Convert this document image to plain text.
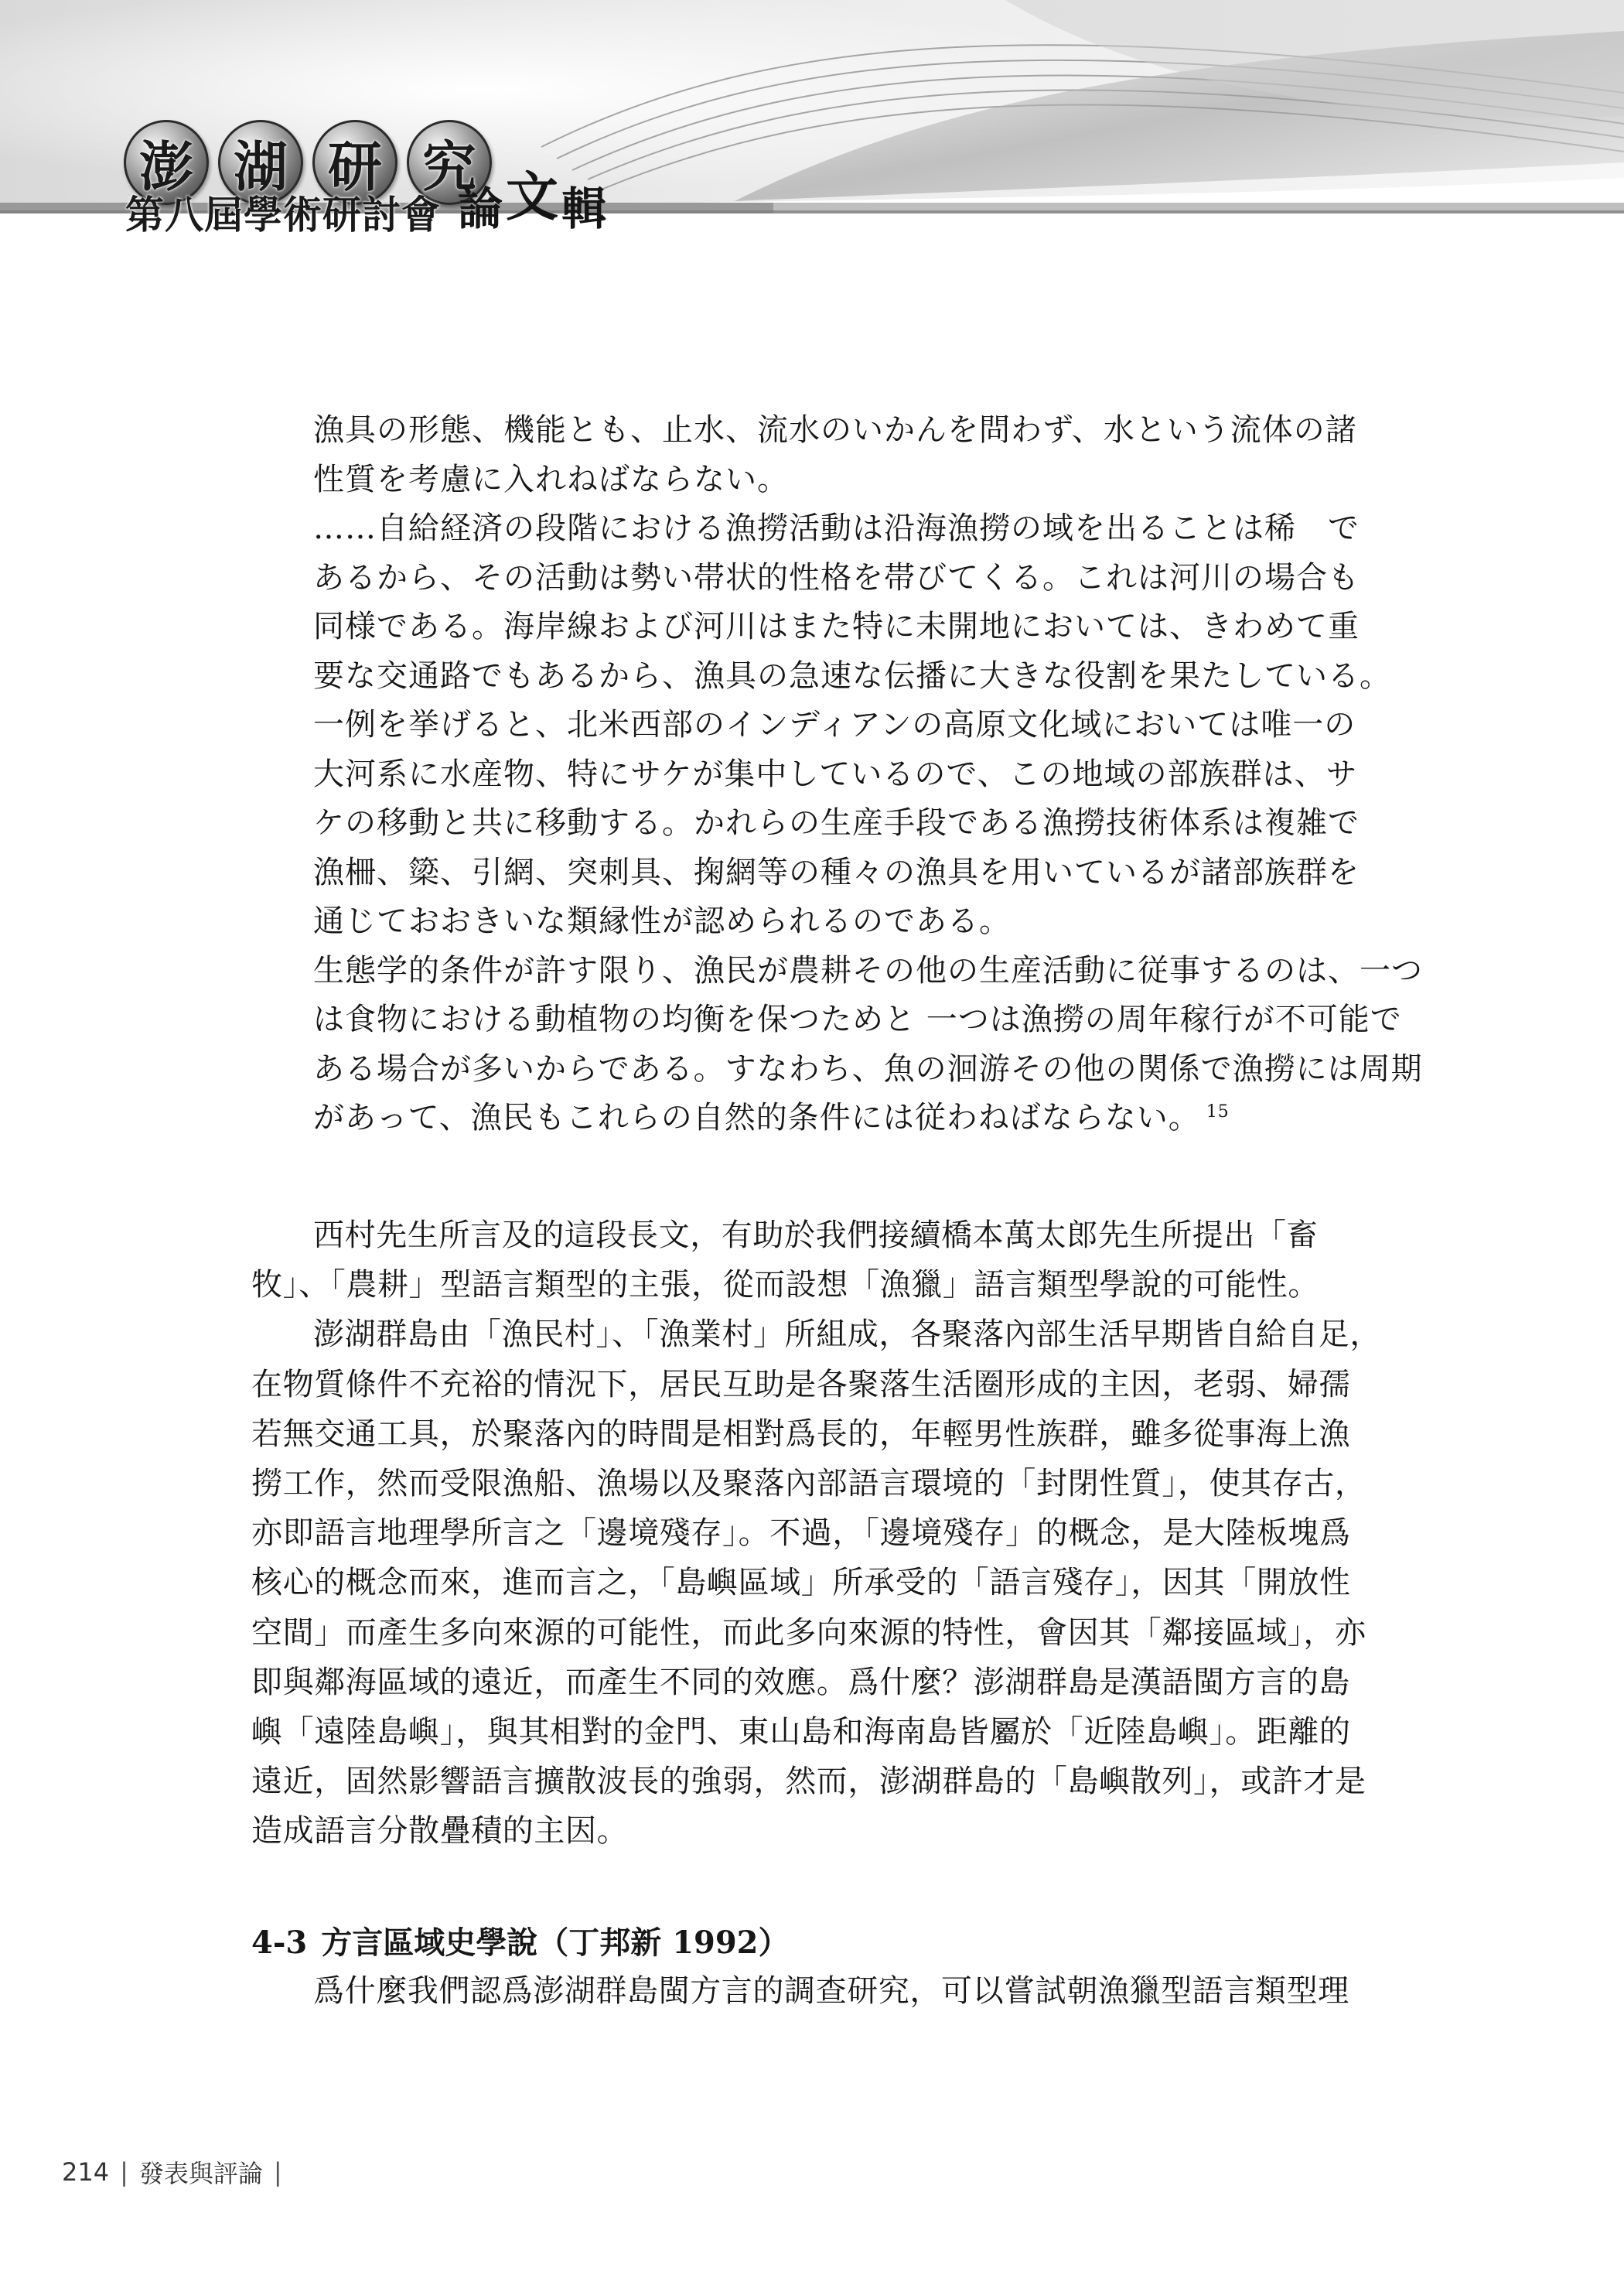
澎 湖 研 究
第八屆學術研討會 論文輯

漁具の形態、機能とも、止水、流水のいかんを問わず、水という流体の諸

性質を考慮に入れねばならない。

……自給経済の段階における漁撈活動は沿海漁撈の域を出ることは稀　で

あるから、その活動は勢い帯状的性格を帯びてくる。これは河川の場合も

同様である。海岸線および河川はまた特に未開地においては、きわめて重

要な交通路でもあるから、漁具の急速な伝播に大きな役割を果たしている。

一例を挙げると、北米西部のインディアンの高原文化域においては唯一の

大河系に水産物、特にサケが集中しているので、この地域の部族群は、サ

ケの移動と共に移動する。かれらの生産手段である漁撈技術体系は複雑で

漁柵、簗、引網、突刺具、掬網等の種々の漁具を用いているが諸部族群を

通じておおきいな類縁性が認められるのである。

生態学的条件が許す限り、漁民が農耕その他の生産活動に従事するのは、一つ

は食物における動植物の均衡を保つためと 一つは漁撈の周年稼行が不可能で

ある場合が多いからである。すなわち、魚の洄游その他の関係で漁撈には周期

があって、漁民もこれらの自然的条件には従わねばならない。 $^{15}$

西村先生所言及的這段長文，有助於我們接續橋本萬太郎先生所提出「畜

牧」、「農耕」型語言類型的主張，從而設想「漁獵」語言類型學說的可能性。

澎湖群島由「漁民村」、「漁業村」所組成，各聚落內部生活早期皆自給自足，

在物質條件不充裕的情況下，居民互助是各聚落生活圈形成的主因，老弱、婦孺

若無交通工具，於聚落內的時間是相對爲長的，年輕男性族群，雖多從事海上漁

撈工作，然而受限漁船、漁場以及聚落內部語言環境的「封閉性質」，使其存古，

亦即語言地理學所言之「邊境殘存」。不過，「邊境殘存」的概念，是大陸板塊爲

核心的概念而來，進而言之，「島嶼區域」所承受的「語言殘存」，因其「開放性

空間」而產生多向來源的可能性，而此多向來源的特性，會因其「鄰接區域」，亦

即與鄰海區域的遠近，而產生不同的效應。爲什麼？澎湖群島是漢語閩方言的島

嶼「遠陸島嶼」，與其相對的金門、東山島和海南島皆屬於「近陸島嶼」。距離的

遠近，固然影響語言擴散波長的強弱，然而，澎湖群島的「島嶼散列」，或許才是

造成語言分散疊積的主因。

4-3 方言區域史學說（丁邦新 1992）
爲什麼我們認爲澎湖群島閩方言的調查研究，可以嘗試朝漁獵型語言類型理
214 | 發表與評論 |
